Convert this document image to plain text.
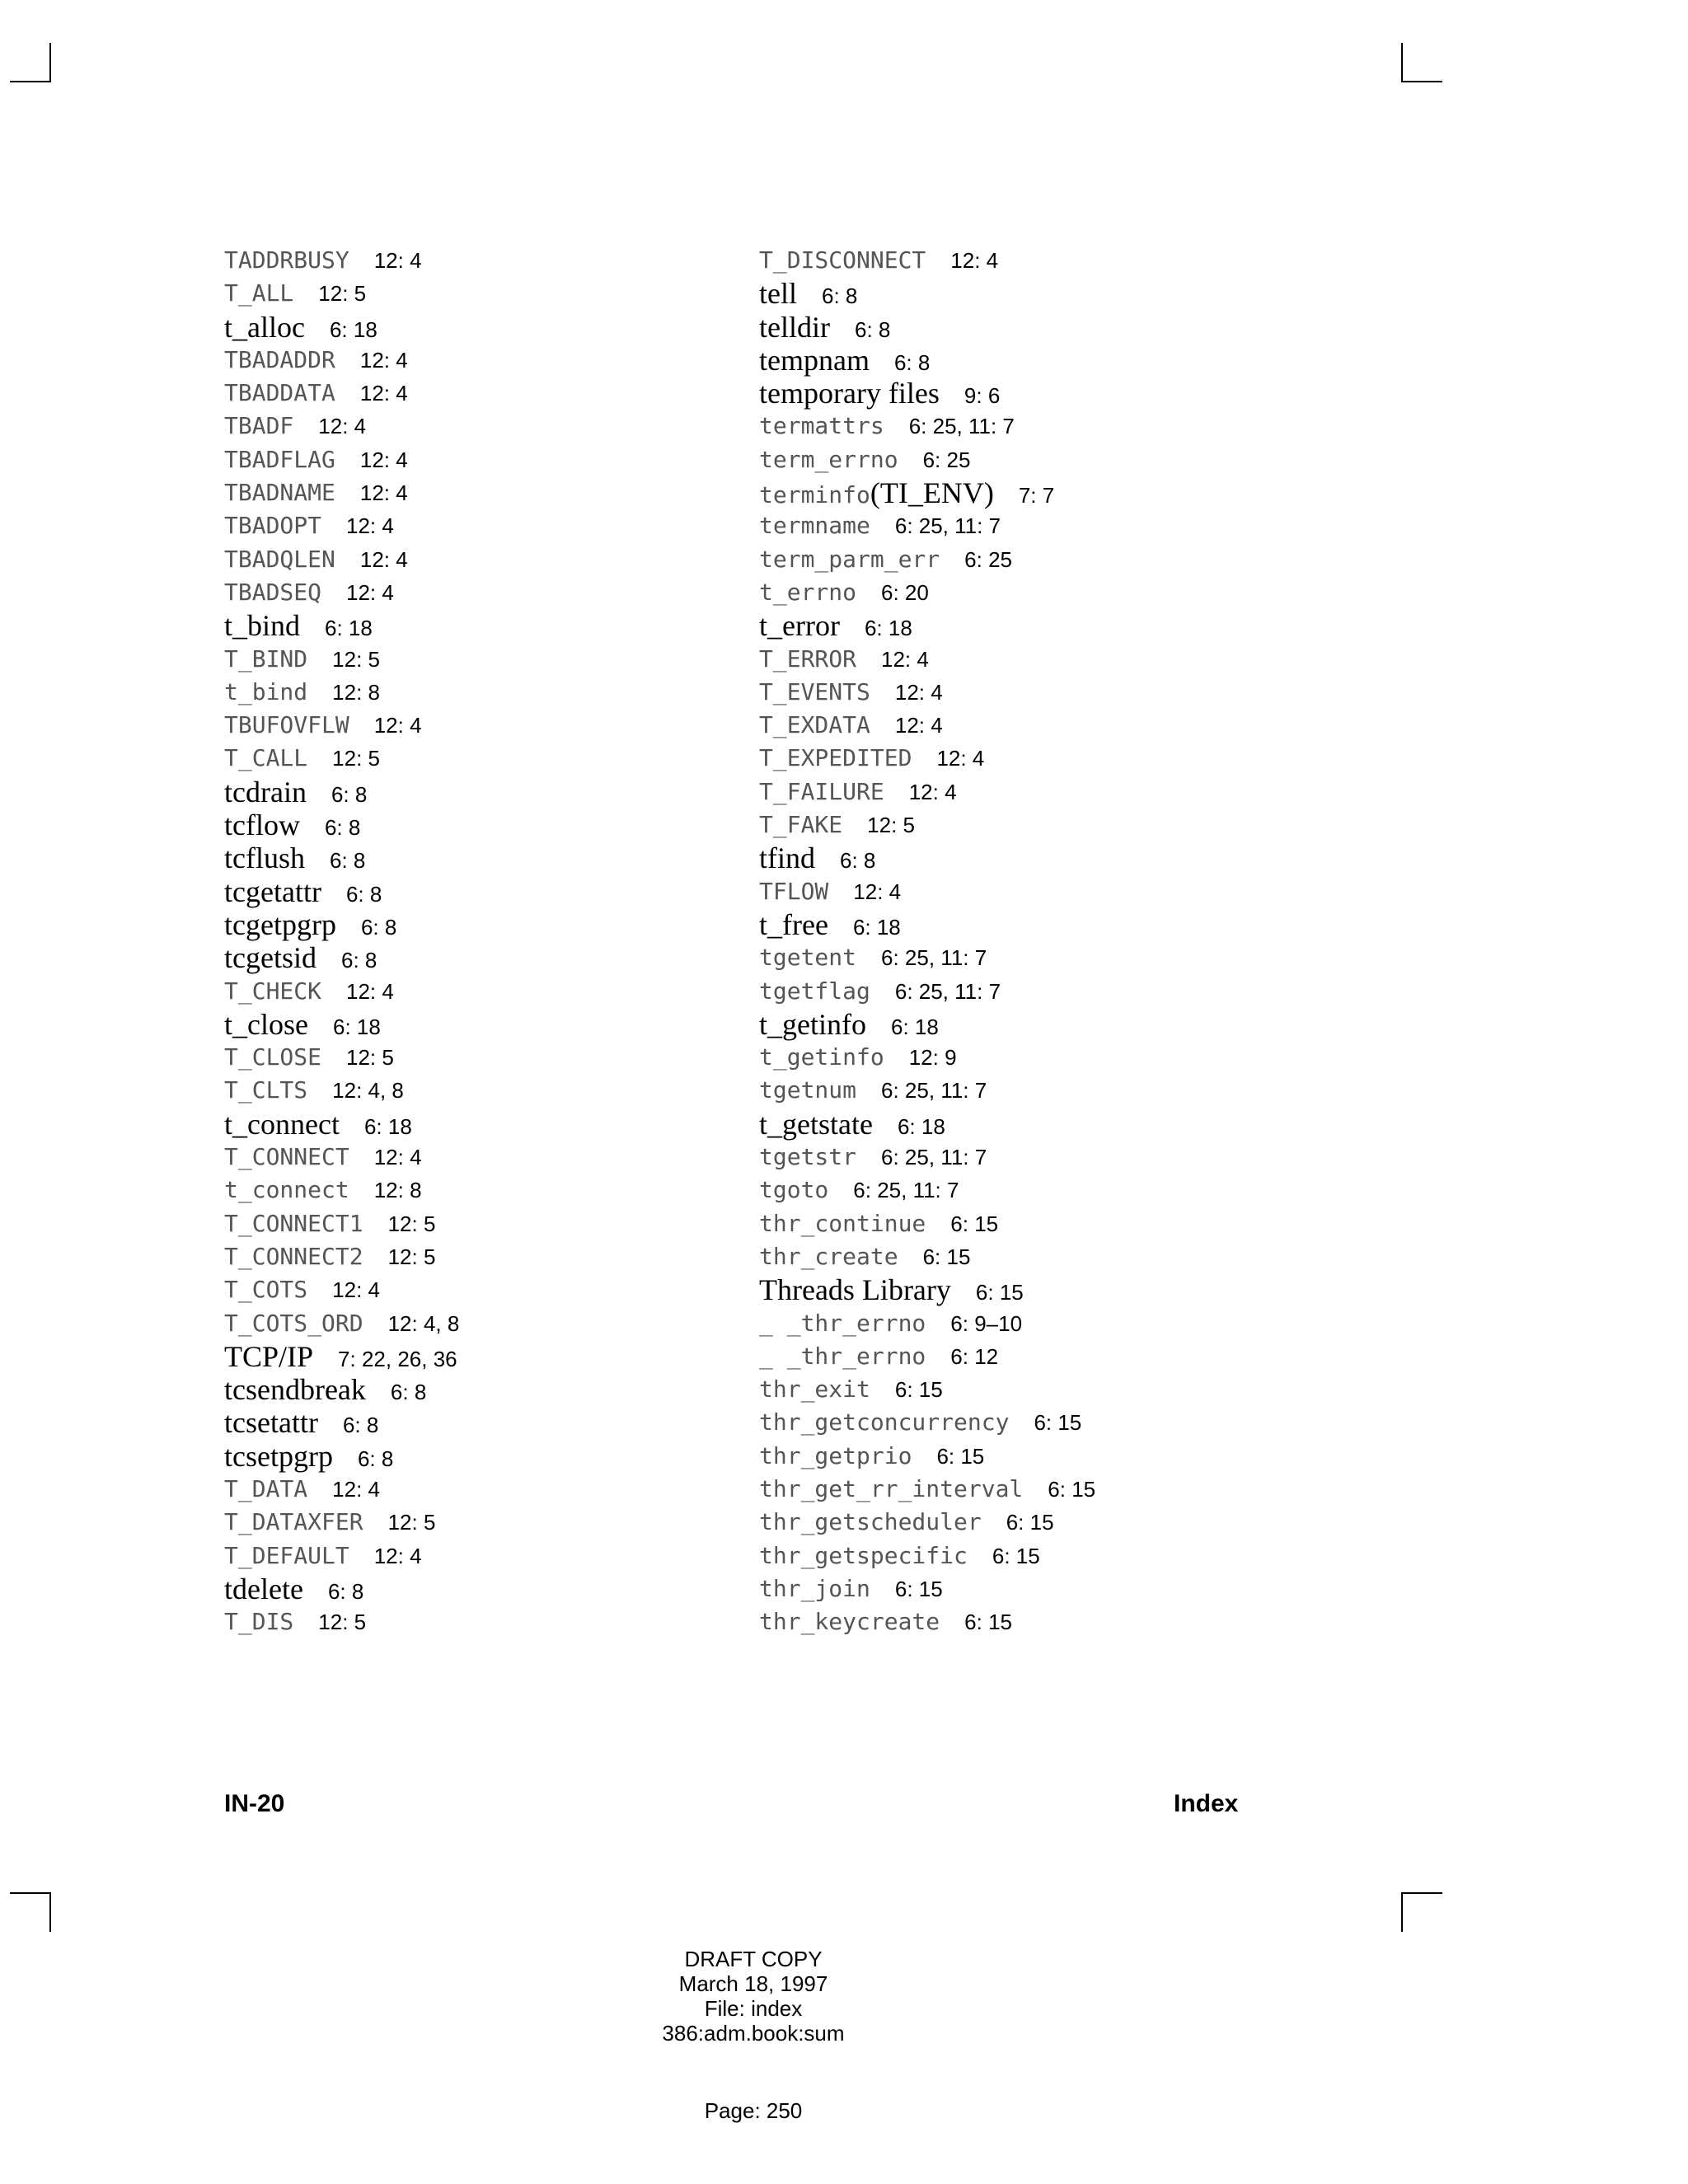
TADDRBUSY 12: 4
T_ALL 12: 5
t_alloc 6: 18
TBADADDR 12: 4
TBADDATA 12: 4
TBADF 12: 4
TBADFLAG 12: 4
TBADNAME 12: 4
TBADOPT 12: 4
TBADQLEN 12: 4
TBADSEQ 12: 4
t_bind 6: 18
T_BIND 12: 5
t_bind 12: 8
TBUFOVFLW 12: 4
T_CALL 12: 5
tcdrain 6: 8
tcflow 6: 8
tcflush 6: 8
tcgetattr 6: 8
tcgetpgrp 6: 8
tcgetsid 6: 8
T_CHECK 12: 4
t_close 6: 18
T_CLOSE 12: 5
T_CLTS 12: 4, 8
t_connect 6: 18
T_CONNECT 12: 4
t_connect 12: 8
T_CONNECT1 12: 5
T_CONNECT2 12: 5
T_COTS 12: 4
T_COTS_ORD 12: 4, 8
TCP/IP 7: 22, 26, 36
tcsendbreak 6: 8
tcsetattr 6: 8
tcsetpgrp 6: 8
T_DATA 12: 4
T_DATAXFER 12: 5
T_DEFAULT 12: 4
tdelete 6: 8
T_DIS 12: 5
T_DISCONNECT 12: 4
tell 6: 8
telldir 6: 8
tempnam 6: 8
temporary files 9: 6
termattrs 6: 25, 11: 7
term_errno 6: 25
terminfo(TI_ENV) 7: 7
termname 6: 25, 11: 7
term_parm_err 6: 25
t_errno 6: 20
t_error 6: 18
T_ERROR 12: 4
T_EVENTS 12: 4
T_EXDATA 12: 4
T_EXPEDITED 12: 4
T_FAILURE 12: 4
T_FAKE 12: 5
tfind 6: 8
TFLOW 12: 4
t_free 6: 18
tgetent 6: 25, 11: 7
tgetflag 6: 25, 11: 7
t_getinfo 6: 18
t_getinfo 12: 9
tgetnum 6: 25, 11: 7
t_getstate 6: 18
tgetstr 6: 25, 11: 7
tgoto 6: 25, 11: 7
thr_continue 6: 15
thr_create 6: 15
Threads Library 6: 15
_ _thr_errno 6: 9–10
_ _thr_errno 6: 12
thr_exit 6: 15
thr_getconcurrency 6: 15
thr_getprio 6: 15
thr_get_rr_interval 6: 15
thr_getscheduler 6: 15
thr_getspecific 6: 15
thr_join 6: 15
thr_keycreate 6: 15
IN-20	Index
DRAFT COPY
March 18, 1997
File: index
386:adm.book:sum
Page: 250
